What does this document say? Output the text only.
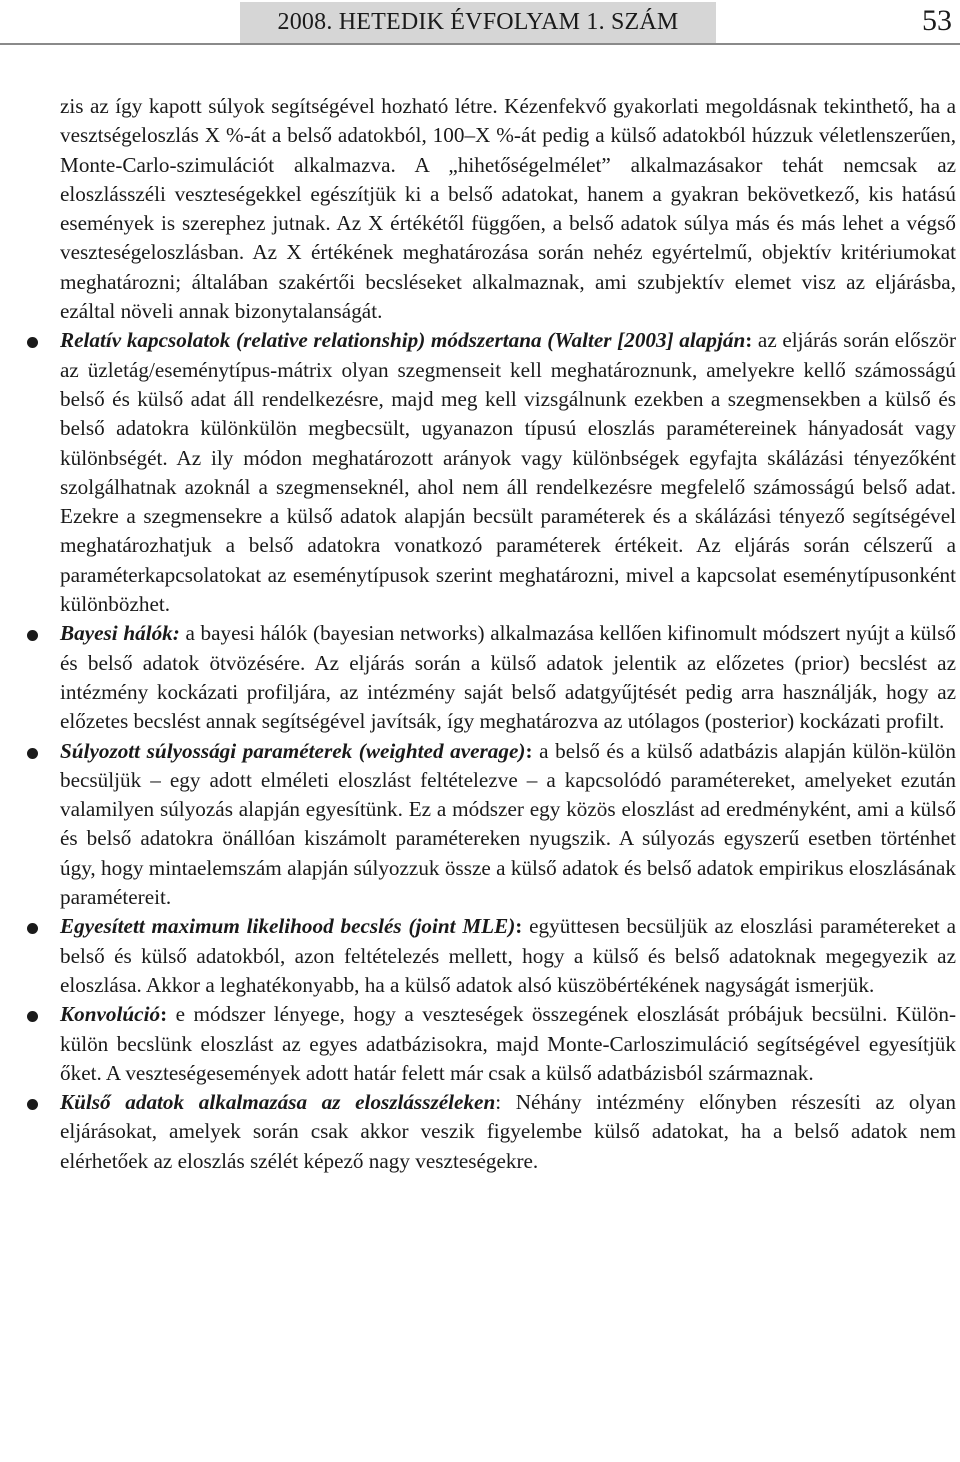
2008. HETEDIK ÉVFOLYAM 1. SZÁM	53

zis az így kapott súlyok segítségével hozható létre. Kézenfekvő gyakorlati megoldásnak tekinthető, ha a vesztségeloszlás X %-át a belső adatokból, 100–X %-át pedig a külső adatokból húzzuk véletlenszerűen, Monte-Carlo-szimulációt alkalmazva. A „hihetőségelmélet” alkalmazásakor tehát nemcsak az eloszlásszéli veszteségekkel egészítjük ki a belső adatokat, hanem a gyakran bekövetkező, kis hatású események is szerephez jutnak. Az X értékétől függően, a belső adatok súlya más és más lehet a végső veszteségeloszlásban. Az X értékének meghatározása során nehéz egyértelmű, objektív kritériumokat meghatározni; általában szakértői becsléseket alkalmaznak, ami szubjektív elemet visz az eljárásba, ezáltal növeli annak bizonytalanságát.

Relatív kapcsolatok (relative relationship) módszertana (Walter [2003] alapján: az eljárás során először az üzletág/eseménytípus-mátrix olyan szegmenseit kell meghatároznunk, amelyekre kellő számosságú belső és külső adat áll rendelkezésre, majd meg kell vizsgálnunk ezekben a szegmensekben a külső és belső adatokra különkülön megbecsült, ugyanazon típusú eloszlás paramétereinek hányadosát vagy különbségét. Az ily módon meghatározott arányok vagy különbségek egyfajta skálázási tényezőként szolgálhatnak azoknál a szegmenseknél, ahol nem áll rendelkezésre megfelelő számosságú belső adat. Ezekre a szegmensekre a külső adatok alapján becsült paraméterek és a skálázási tényező segítségével meghatározhatjuk a belső adatokra vonatkozó paraméterek értékeit. Az eljárás során célszerű a paraméterkapcsolatokat az eseménytípusok szerint meghatározni, mivel a kapcsolat eseménytípusonként különbözhet.

Bayesi hálók: a bayesi hálók (bayesian networks) alkalmazása kellően kifinomult módszert nyújt a külső és belső adatok ötvözésére. Az eljárás során a külső adatok jelentik az előzetes (prior) becslést az intézmény kockázati profilјára, az intézmény saját belső adatgyűjtését pedig arra használják, hogy az előzetes becslést annak segítségével javítsák, így meghatározva az utólagos (posterior) kockázati profilt.

Súlyozott súlyossági paraméterek (weighted average): a belső és a külső adatbázis alapján külön-külön becsüljük – egy adott elméleti eloszlást feltételezve – a kapcsolódó paramétereket, amelyeket ezután valamilyen súlyozás alapján egyesítünk. Ez a módszer egy közös eloszlást ad eredményként, ami a külső és belső adatokra önállóan kiszámolt paramétereken nyugszik. A súlyozás egyszerű esetben történhet úgy, hogy mintaelemszám alapján súlyozzuk össze a külső adatok és belső adatok empirikus eloszlásának paramétereit.

Egyesített maximum likelihood becslés (joint MLE): együttesen becsüljük az eloszlási paramétereket a belső és külső adatokból, azon feltételezés mellett, hogy a külső és belső adatoknak megegyezik az eloszlása. Akkor a leghatékonyabb, ha a külső adatok alsó küszöbértékének nagyságát ismerjük.

Konvolúció: e módszer lényege, hogy a veszteségek összegének eloszlását próbájuk becsülni. Külön-külön becslünk eloszlást az egyes adatbázisokra, majd Monte-Carloszimuláció segítségével egyesítjük őket. A veszteségesemények adott határ felett már csak a külső adatbázisból származnak.

Külső adatok alkalmazása az eloszlásszéleken: Néhány intézmény előnyben részesíti az olyan eljárásokat, amelyek során csak akkor veszik figyelembe külső adatokat, ha a belső adatok nem elérhetőek az eloszlás szélét képező nagy veszteségekre.
